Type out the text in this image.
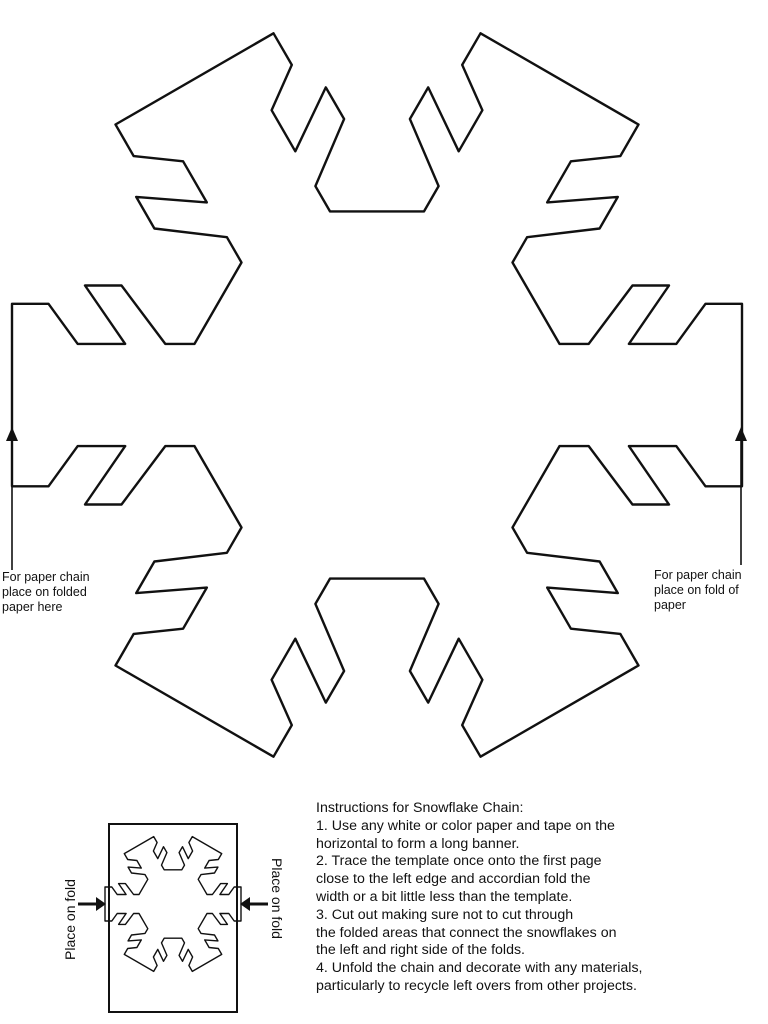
For paper chain
place on folded
paper here
For paper chain
place on fold of
paper
Place on fold	Place on fold
Instructions for Snowflake Chain:
1. Use any white or color paper and tape on the
horizontal to form a long banner.
2. Trace the template once onto the first page
close to the left edge and accordian fold the
width or a bit little less than the template.
3. Cut out making sure not to cut through
the folded areas that connect the snowflakes on
the left and right side of the folds.
4. Unfold the chain and decorate with any materials,
particularly to recycle left overs from other projects.
